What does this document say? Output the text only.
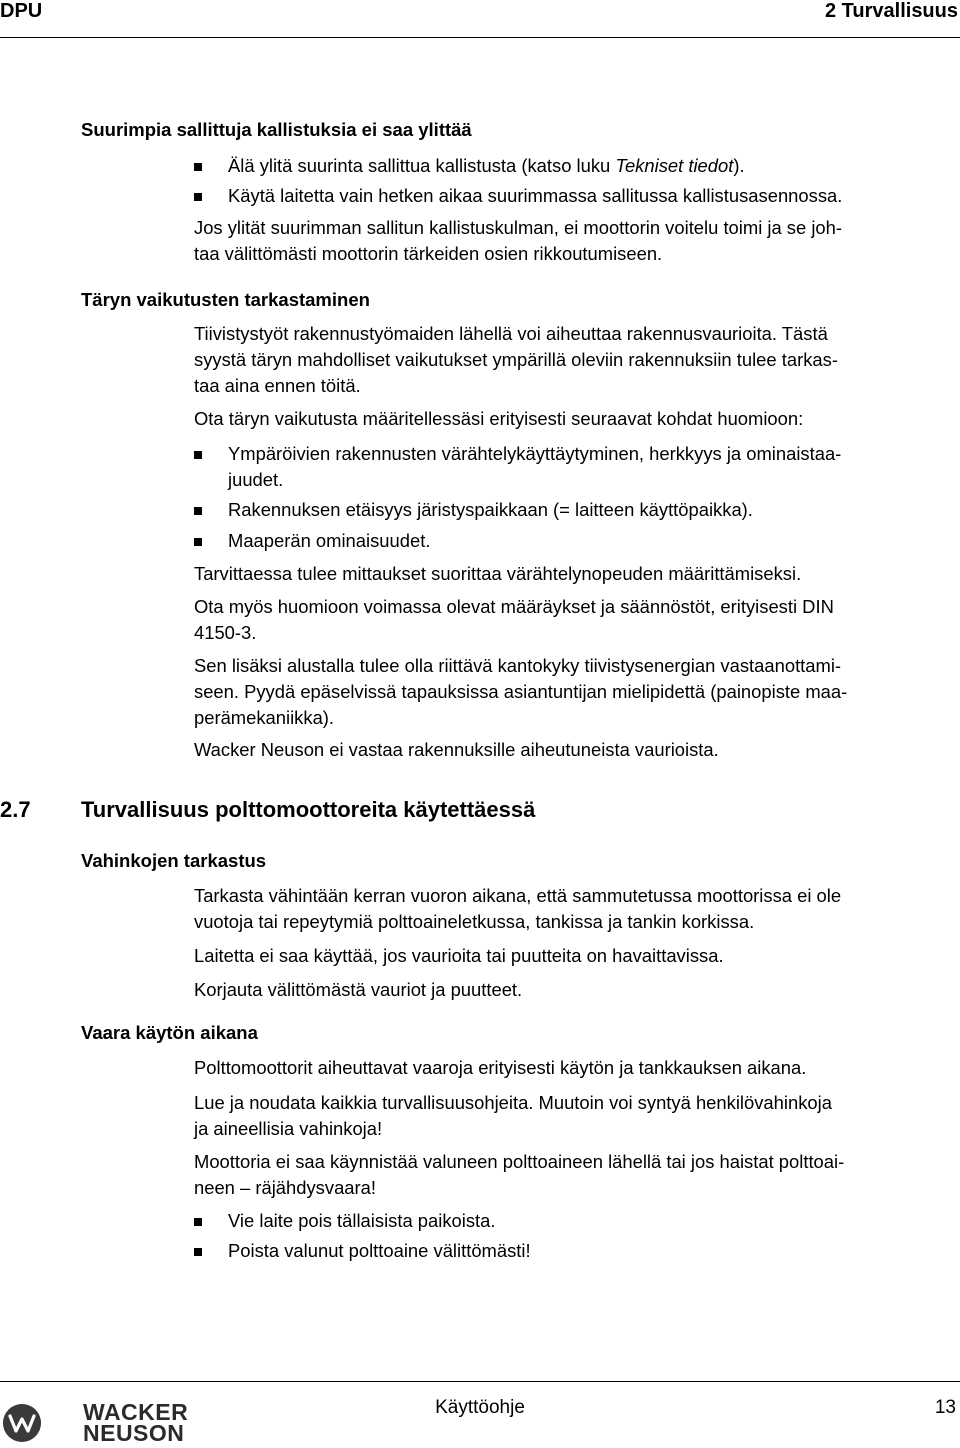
DPU	2 Turvallisuus
Suurimpia sallittuja kallistuksia ei saa ylittää
Älä ylitä suurinta sallittua kallistusta (katso luku Tekniset tiedot).
Käytä laitetta vain hetken aikaa suurimmassa sallitussa kallistusasennossa.
Jos ylität suurimman sallitun kallistuskulman, ei moottorin voitelu toimi ja se joh-
taa välittömästi moottorin tärkeiden osien rikkoutumiseen.
Täryn vaikutusten tarkastaminen
Tiivistystyöt rakennustyömaiden lähellä voi aiheuttaa rakennusvaurioita. Tästä
syystä täryn mahdolliset vaikutukset ympärillä oleviin rakennuksiin tulee tarkas-
taa aina ennen töitä.
Ota täryn vaikutusta määritellessäsi erityisesti seuraavat kohdat huomioon:
Ympäröivien rakennusten värähtelykäyttäytyminen, herkkyys ja ominaistaa-
juudet.
Rakennuksen etäisyys järistyspaikkaan (= laitteen käyttöpaikka).
Maaperän ominaisuudet.
Tarvittaessa tulee mittaukset suorittaa värähtelynopeuden määrittämiseksi.
Ota myös huomioon voimassa olevat määräykset ja säännöstöt, erityisesti DIN
4150-3.
Sen lisäksi alustalla tulee olla riittävä kantokyky tiivistysenergian vastaanottami-
seen. Pyydä epäselvissä tapauksissa asiantuntijan mielipidettä (painopiste maa-
perämekaniikka).
Wacker Neuson ei vastaa rakennuksille aiheutuneista vaurioista.
2.7 Turvallisuus polttomoottoreita käytettäessä
Vahinkojen tarkastus
Tarkasta vähintään kerran vuoron aikana, että sammutetussa moottorissa ei ole
vuotoja tai repeytymiä polttoaineletkussa, tankissa ja tankin korkissa.
Laitetta ei saa käyttää, jos vaurioita tai puutteita on havaittavissa.
Korjauta välittömästä vauriot ja puutteet.
Vaara käytön aikana
Polttomoottorit aiheuttavat vaaroja erityisesti käytön ja tankkauksen aikana.
Lue ja noudata kaikkia turvallisuusohjeita. Muutoin voi syntyä henkilövahinkoja
ja aineellisia vahinkoja!
Moottoria ei saa käynnistää valuneen polttoaineen lähellä tai jos haistat polttoai-
neen – räjähdysvaara!
Vie laite pois tällaisista paikoista.
Poista valunut polttoaine välittömästi!
WACKER
NEUSON
Käyttöohje	13
